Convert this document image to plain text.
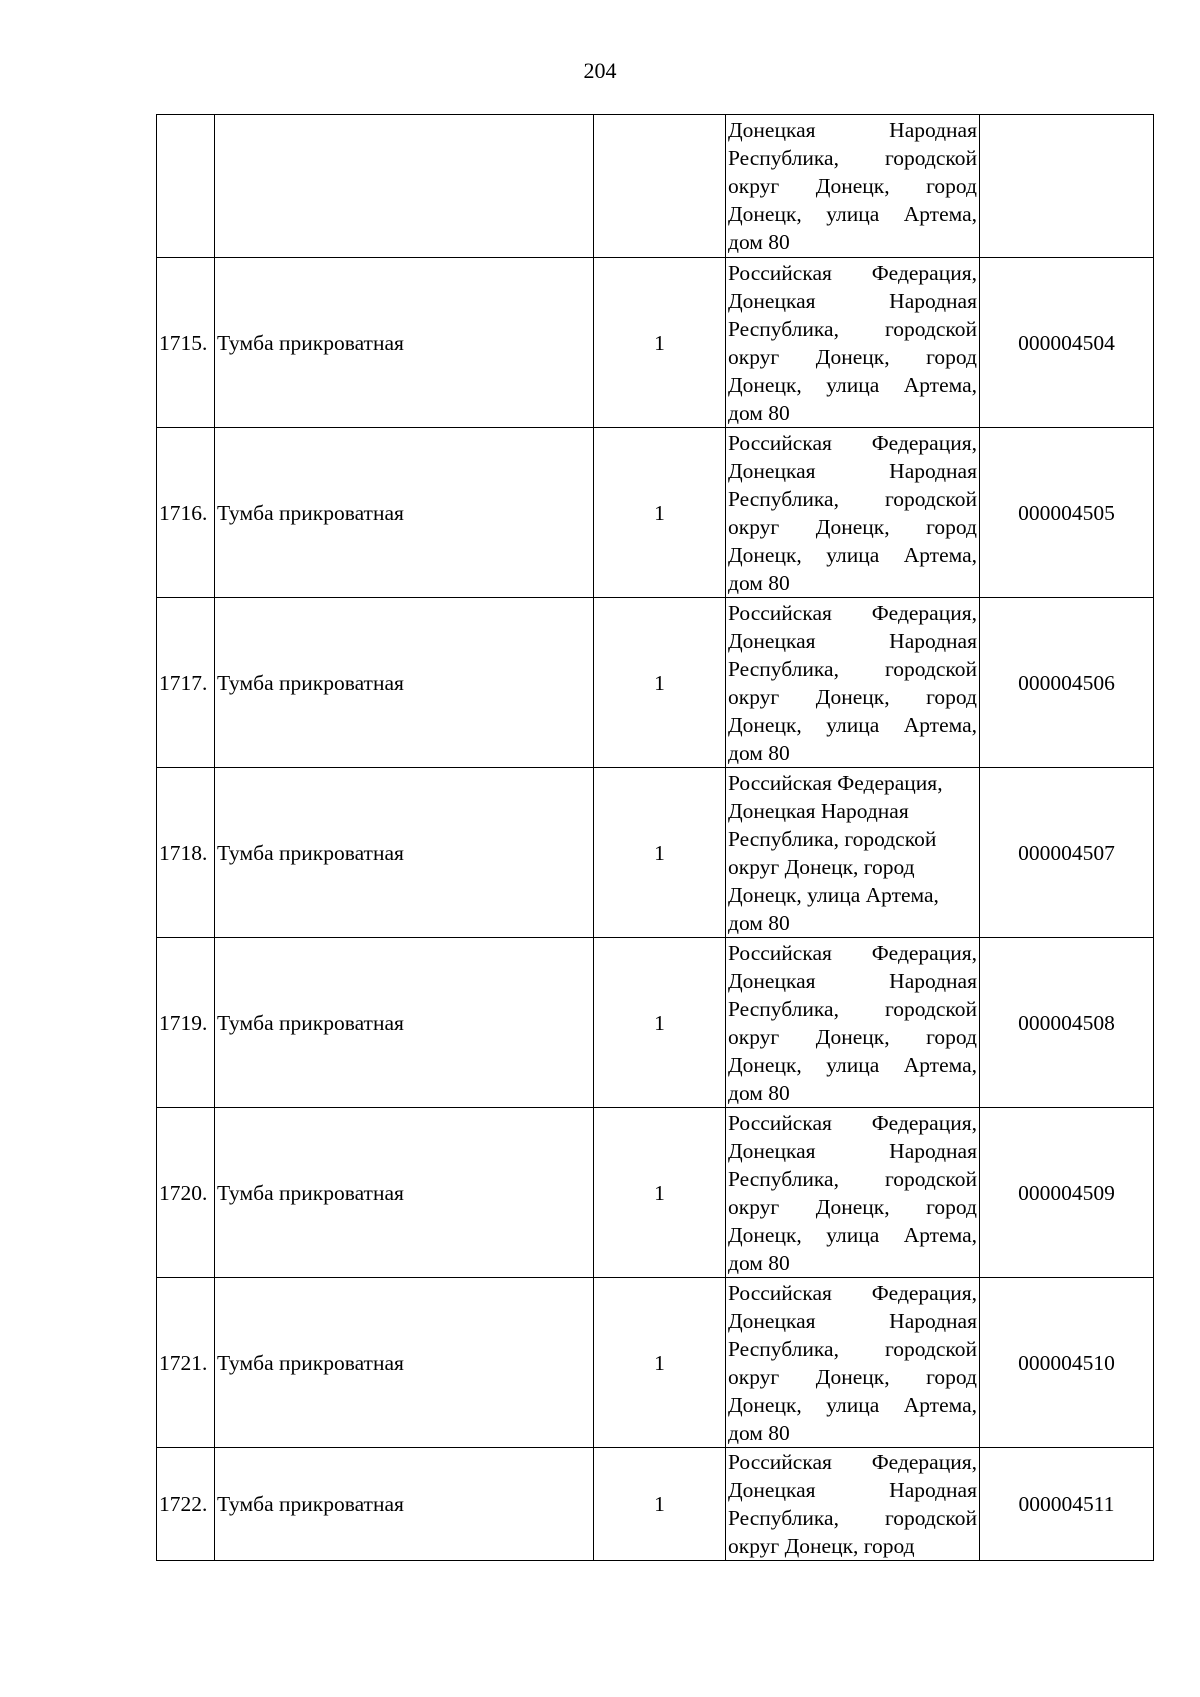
204

			Донецкая Народная Республика, городской округ Донецк, город Донецк, улица Артема, дом 80	

1715.	Тумба прикроватная	1	Российская Федерация, Донецкая Народная Республика, городской округ Донецк, город Донецк, улица Артема, дом 80	000004504
1716.	Тумба прикроватная	1	Российская Федерация, Донецкая Народная Республика, городской округ Донецк, город Донецк, улица Артема, дом 80	000004505
1717.	Тумба прикроватная	1	Российская Федерация, Донецкая Народная Республика, городской округ Донецк, город Донецк, улица Артема, дом 80	000004506
1718.	Тумба прикроватная	1	Российская Федерация, Донецкая Народная Республика, городской округ Донецк, город Донецк, улица Артема, дом 80	000004507
1719.	Тумба прикроватная	1	Российская Федерация, Донецкая Народная Республика, городской округ Донецк, город Донецк, улица Артема, дом 80	000004508
1720.	Тумба прикроватная	1	Российская Федерация, Донецкая Народная Республика, городской округ Донецк, город Донецк, улица Артема, дом 80	000004509
1721.	Тумба прикроватная	1	Российская Федерация, Донецкая Народная Республика, городской округ Донецк, город Донецк, улица Артема, дом 80	000004510
1722.	Тумба прикроватная	1	Российская Федерация, Донецкая Народная Республика, городской округ Донецк, город	000004511
